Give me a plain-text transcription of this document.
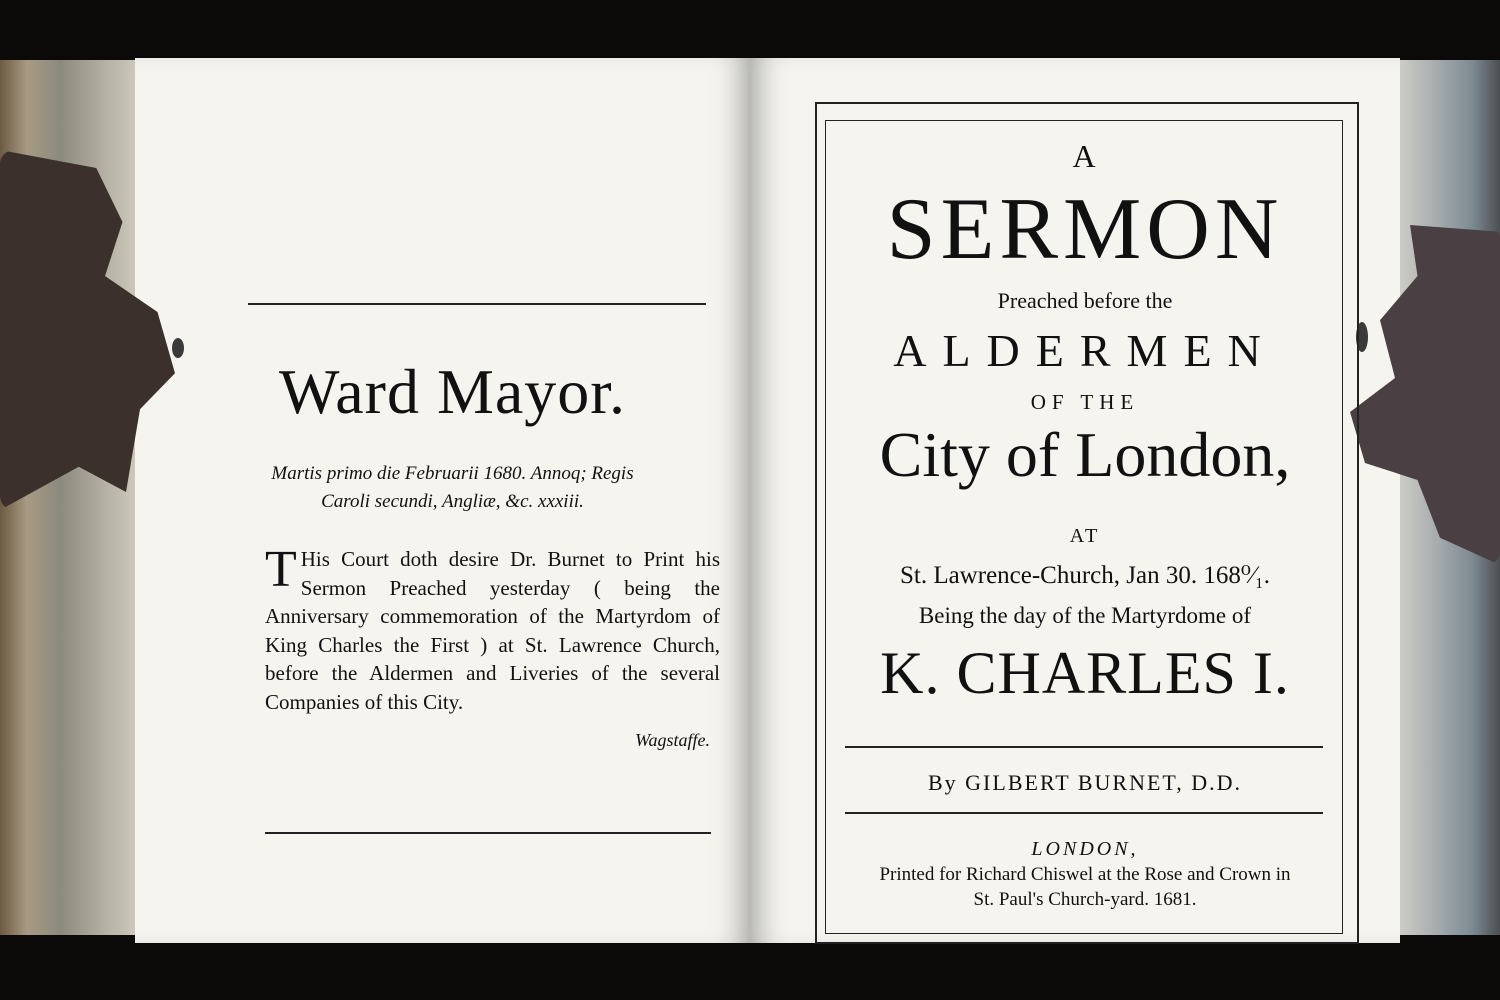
Ward Mayor.
Martis primo die Februarii 1680. Annoq; Regis
Caroli secundi, Angliæ, &c. xxxiii.
T His Court doth desire Dr. Burnet to Print his Sermon Preached yesterday ( being the Anniversary commemoration of the Martyrdom of King Charles the First ) at St. Lawrence Church, before the Aldermen and Liveries of the several Companies of this City.
Wagstaffe.
A
SERMON
Preached before the
ALDERMEN
OF THE
City of London,
AT
St. Lawrence-Church, Jan 30. 168⁰⁄₁.
Being the day of the Martyrdome of
K. CHARLES I.
By GILBERT BURNET, D.D.
LONDON,
Printed for Richard Chiswel at the Rose and Crown in
St. Paul's Church-yard. 1681.
